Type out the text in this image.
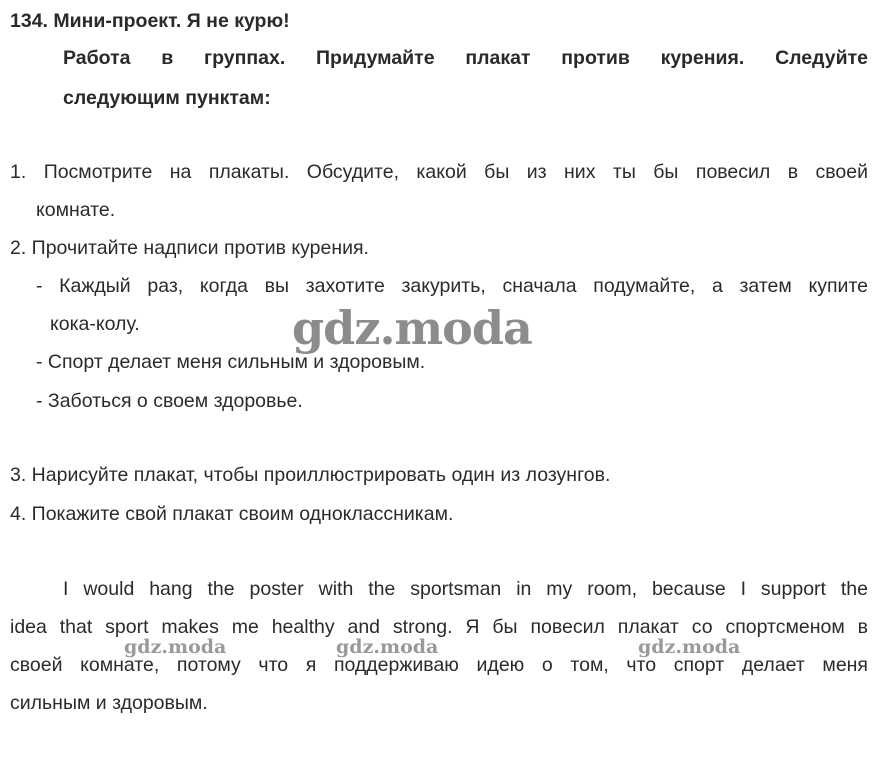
134. Мини-проект. Я не курю!
Работа в группах. Придумайте плакат против курения. Следуйте
следующим пунктам:
1. Посмотрите на плакаты. Обсудите, какой бы из них ты бы повесил в своей
комнате.
2. Прочитайте надписи против курения.
- Каждый раз, когда вы захотите закурить, сначала подумайте, а затем купите
кока-колу.
- Спорт делает меня сильным и здоровым.
- Заботься о своем здоровье.
3. Нарисуйте плакат, чтобы проиллюстрировать один из лозунгов.
4. Покажите свой плакат своим одноклассникам.
I would hang the poster with the sportsman in my room, because I support the
idea that sport makes me healthy and strong. Я бы повесил плакат со спортсменом в
своей комнате, потому что я поддерживаю идею о том, что спорт делает меня
сильным и здоровым.
gdz.moda
gdz.moda	gdz.moda	gdz.moda
